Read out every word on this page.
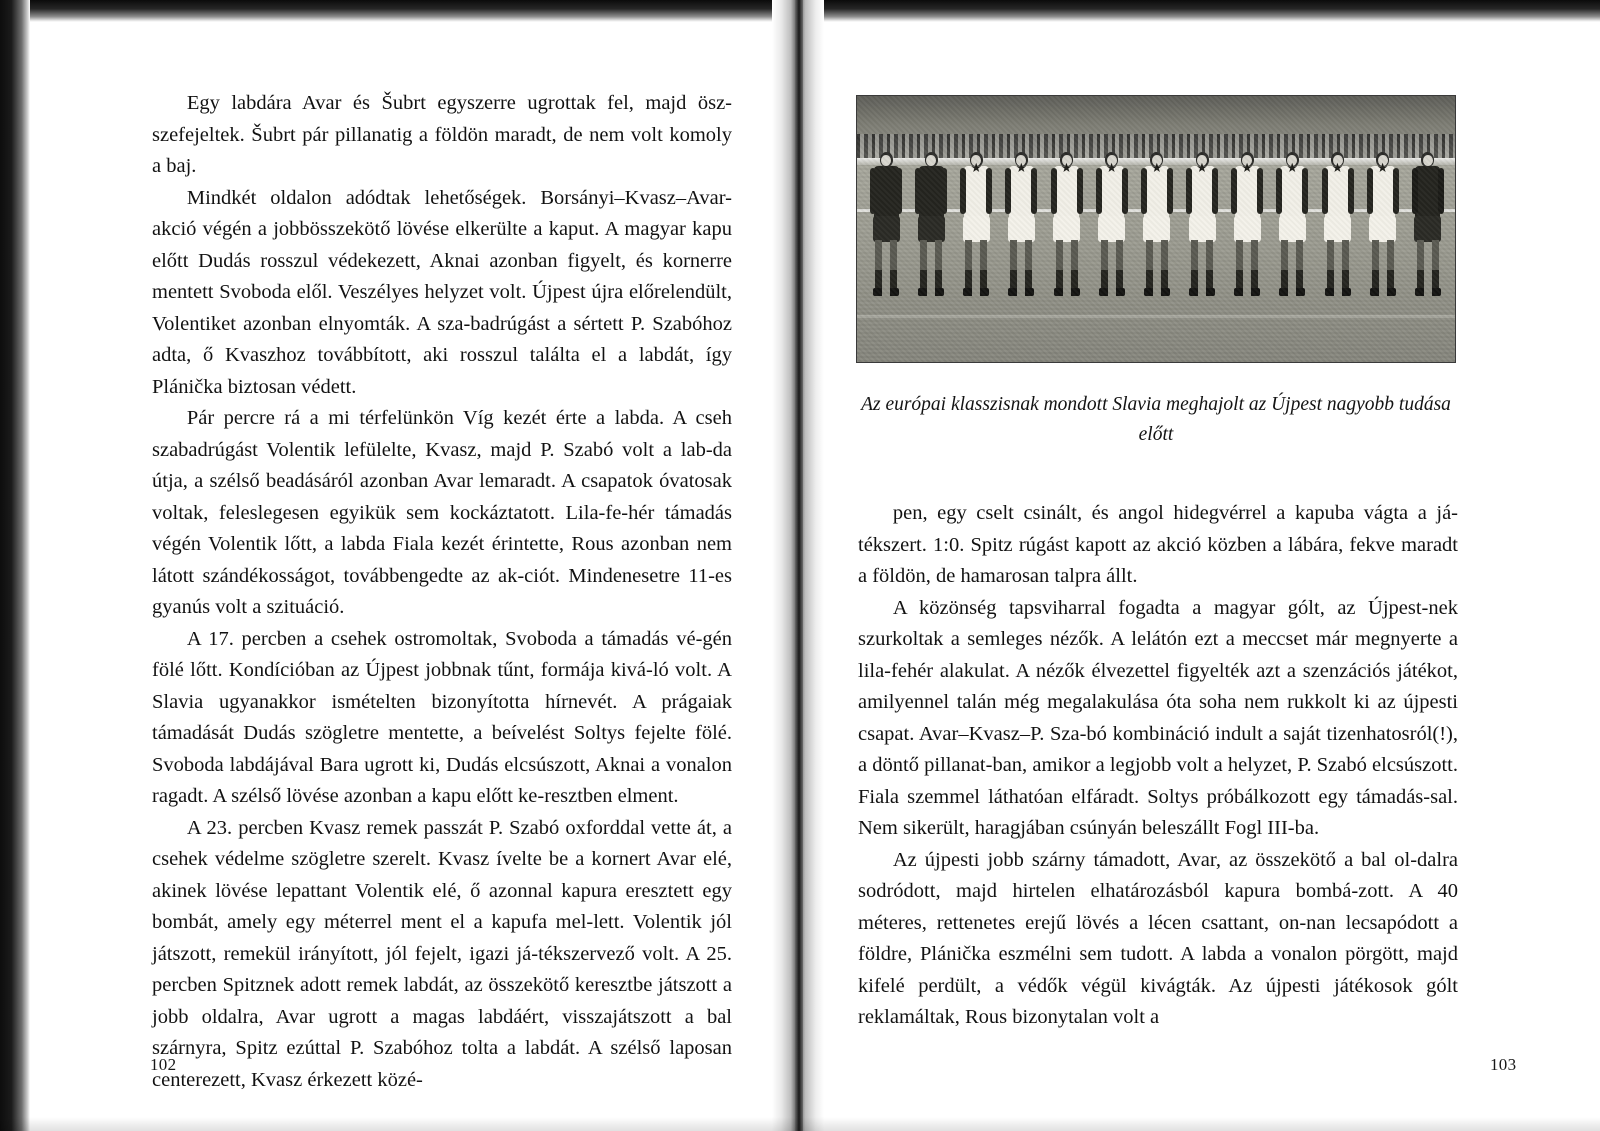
Egy labdára Avar és Šubrt egyszerre ugrottak fel, majd ösz-szefejeltek. Šubrt pár pillanatig a földön maradt, de nem volt komoly a baj.

Mindkét oldalon adódtak lehetőségek. Borsányi–Kvasz–Avar-akció végén a jobbösszekötő lövése elkerülte a kaput. A magyar kapu előtt Dudás rosszul védekezett, Aknai azonban figyelt, és kornerre mentett Svoboda elől. Veszélyes helyzet volt. Újpest újra előrelendült, Volentiket azonban elnyomták. A sza-badrúgást a sértett P. Szabóhoz adta, ő Kvaszhoz továbbított, aki rosszul találta el a labdát, így Plánička biztosan védett.

Pár percre rá a mi térfelünkön Víg kezét érte a labda. A cseh szabadrúgást Volentik lefülelte, Kvasz, majd P. Szabó volt a lab-da útja, a szélső beadásáról azonban Avar lemaradt. A csapatok óvatosak voltak, feleslegesen egyikük sem kockáztatott. Lila-fe-hér támadás végén Volentik lőtt, a labda Fiala kezét érintette, Rous azonban nem látott szándékosságot, továbbengedte az ak-ciót. Mindenesetre 11-es gyanús volt a szituáció.

A 17. percben a csehek ostromoltak, Svoboda a támadás vé-gén fölé lőtt. Kondícióban az Újpest jobbnak tűnt, formája kivá-ló volt. A Slavia ugyanakkor ismételten bizonyította hírnevét. A prágaiak támadását Dudás szögletre mentette, a beívelést Soltys fejelte fölé. Svoboda labdájával Bara ugrott ki, Dudás elcsúszott, Aknai a vonalon ragadt. A szélső lövése azonban a kapu előtt ke-resztben elment.

A 23. percben Kvasz remek passzát P. Szabó oxforddal vette át, a csehek védelme szögletre szerelt. Kvasz ívelte be a kornert Avar elé, akinek lövése lepattant Volentik elé, ő azonnal kapura eresztett egy bombát, amely egy méterrel ment el a kapufa mel-lett. Volentik jól játszott, remekül irányított, jól fejelt, igazi já-tékszervező volt. A 25. percben Spitznek adott remek labdát, az összekötő keresztbe játszott a jobb oldalra, Avar ugrott a magas labdáért, visszajátszott a bal szárnyra, Spitz ezúttal P. Szabóhoz tolta a labdát. A szélső laposan centerezett, Kvasz érkezett közé-

102
Az európai klasszisnak mondott Slavia meghajolt az Újpest nagyobb tudása előtt

pen, egy cselt csinált, és angol hidegvérrel a kapuba vágta a já-tékszert. 1:0. Spitz rúgást kapott az akció közben a lábára, fekve maradt a földön, de hamarosan talpra állt.

A közönség tapsviharral fogadta a magyar gólt, az Újpest-nek szurkoltak a semleges nézők. A lelátón ezt a meccset már megnyerte a lila-fehér alakulat. A nézők élvezettel figyelték azt a szenzációs játékot, amilyennel talán még megalakulása óta soha nem rukkolt ki az újpesti csapat. Avar–Kvasz–P. Sza-bó kombináció indult a saját tizenhatosról(!), a döntő pillanat-ban, amikor a legjobb volt a helyzet, P. Szabó elcsúszott. Fiala szemmel láthatóan elfáradt. Soltys próbálkozott egy támadás-sal. Nem sikerült, haragjában csúnyán beleszállt Fogl III-ba.

Az újpesti jobb szárny támadott, Avar, az összekötő a bal ol-dalra sodródott, majd hirtelen elhatározásból kapura bombá-zott. A 40 méteres, rettenetes erejű lövés a lécen csattant, on-nan lecsapódott a földre, Plánička eszmélni sem tudott. A labda a vonalon pörgött, majd kifelé perdült, a védők végül kivágták. Az újpesti játékosok gólt reklamáltak, Rous bizonytalan volt a

103
